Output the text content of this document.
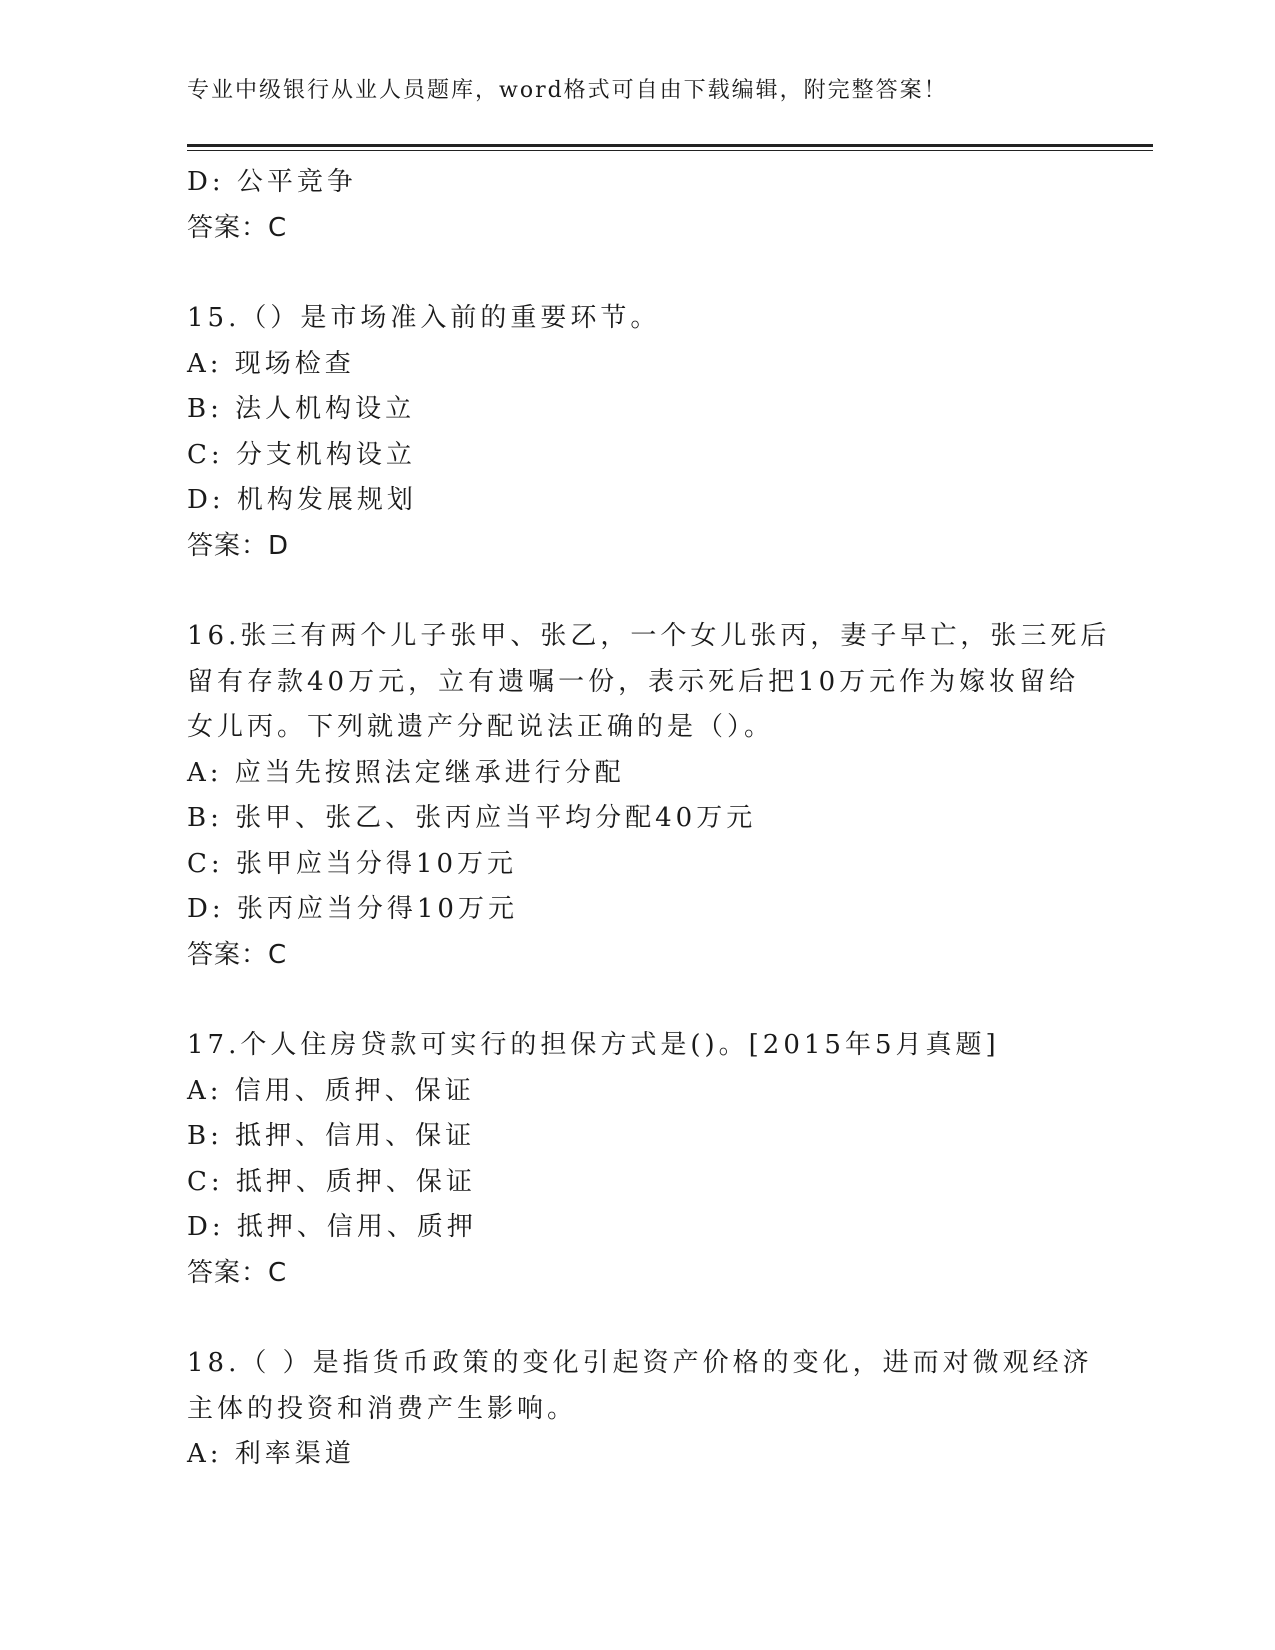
专业中级银行从业人员题库，word格式可自由下载编辑，附完整答案！
D: 公平竞争
答案：C
15.（）是市场准入前的重要环节。
A: 现场检查
B: 法人机构设立
C: 分支机构设立
D: 机构发展规划
答案：D
16.张三有两个儿子张甲、张乙，一个女儿张丙，妻子早亡，张三死后
留有存款40万元，立有遗嘱一份，表示死后把10万元作为嫁妆留给
女儿丙。下列就遗产分配说法正确的是（）。
A: 应当先按照法定继承进行分配
B: 张甲、张乙、张丙应当平均分配40万元
C: 张甲应当分得10万元
D: 张丙应当分得10万元
答案：C
17.个人住房贷款可实行的担保方式是()。[2015年5月真题]
A: 信用、质押、保证
B: 抵押、信用、保证
C: 抵押、质押、保证
D: 抵押、信用、质押
答案：C
18.（ ）是指货币政策的变化引起资产价格的变化，进而对微观经济
主体的投资和消费产生影响。
A: 利率渠道
